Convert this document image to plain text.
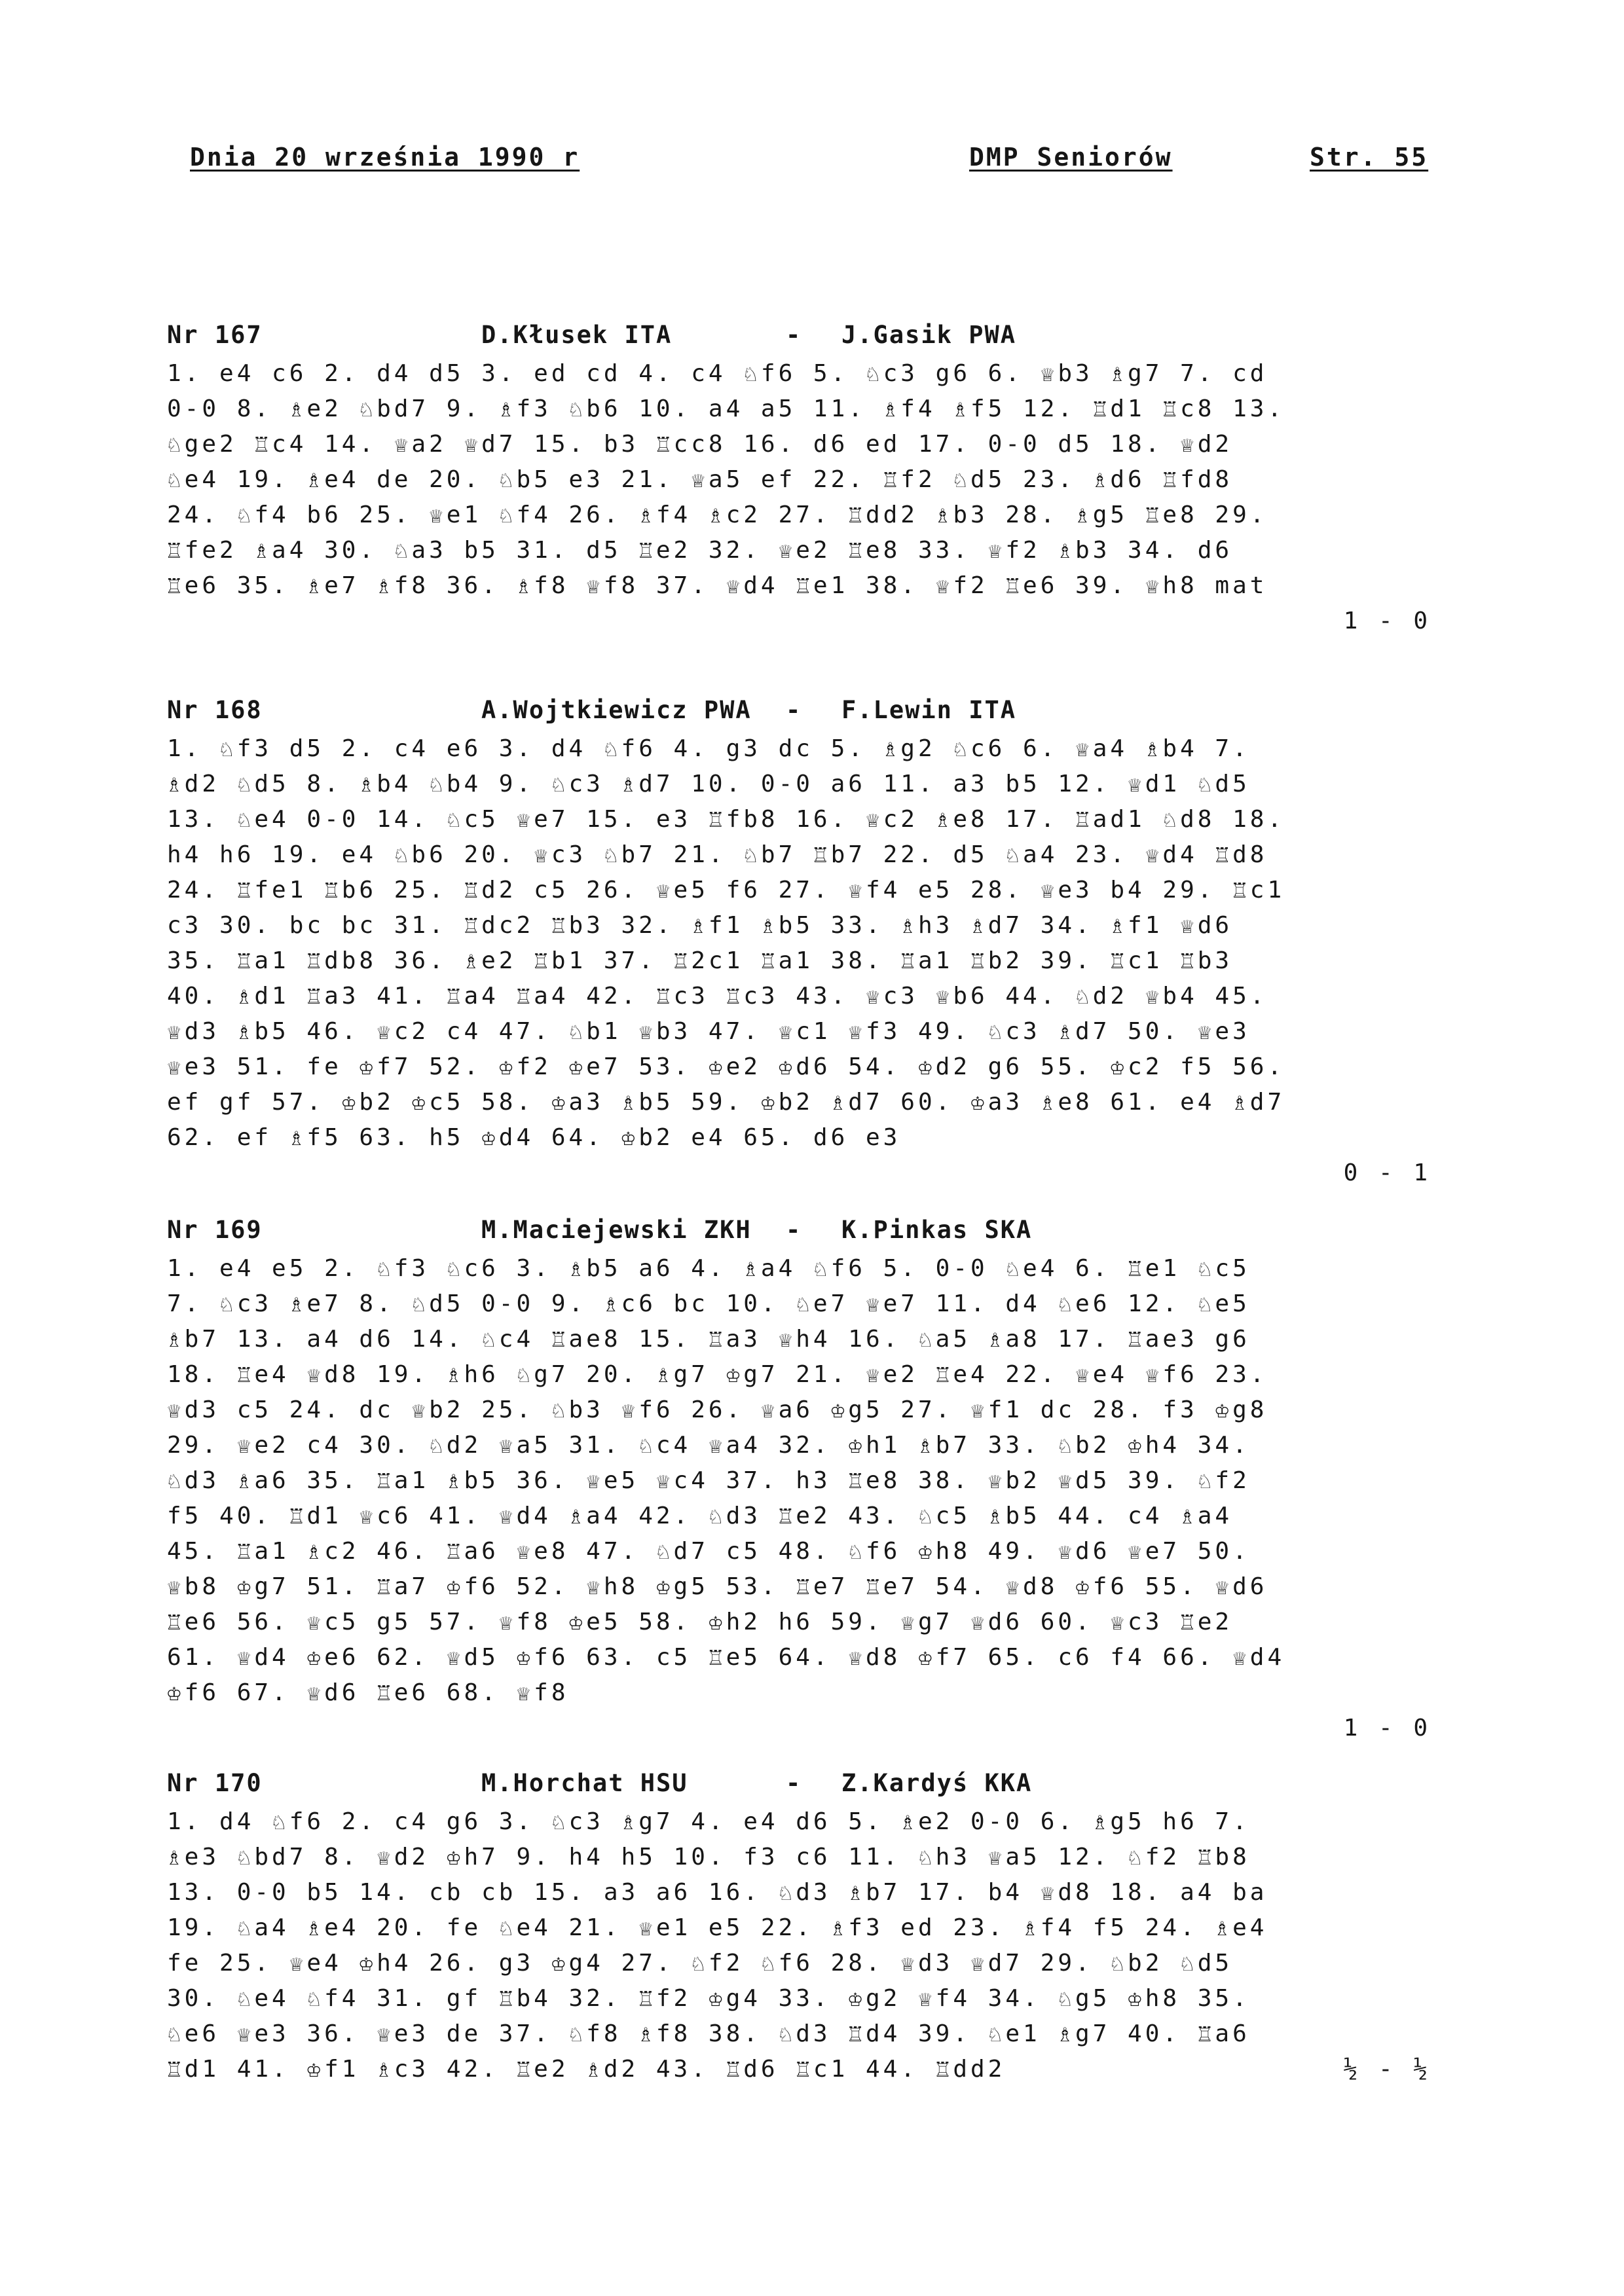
Dnia 20 września 1990 r	DMP Seniorów	Str. 55
Nr 167	D.Kłusek ITA	- J.Gasik PWA
1. e4 c6 2. d4 d5 3. ed cd 4. c4 ♘f6 5. ♘c3 g6 6. ♕b3 ♗g7 7. cd
0-0 8. ♗e2 ♘bd7 9. ♗f3 ♘b6 10. a4 a5 11. ♗f4 ♗f5 12. ♖d1 ♖c8 13.
♘ge2 ♖c4 14. ♕a2 ♕d7 15. b3 ♖cc8 16. d6 ed 17. 0-0 d5 18. ♕d2
♘e4 19. ♗e4 de 20. ♘b5 e3 21. ♕a5 ef 22. ♖f2 ♘d5 23. ♗d6 ♖fd8
24. ♘f4 b6 25. ♕e1 ♘f4 26. ♗f4 ♗c2 27. ♖dd2 ♗b3 28. ♗g5 ♖e8 29.
♖fe2 ♗a4 30. ♘a3 b5 31. d5 ♖e2 32. ♕e2 ♖e8 33. ♕f2 ♗b3 34. d6
♖e6 35. ♗e7 ♗f8 36. ♗f8 ♕f8 37. ♕d4 ♖e1 38. ♕f2 ♖e6 39. ♕h8 mat
1 - 0
Nr 168	A.Wojtkiewicz PWA - F.Lewin ITA
1. ♘f3 d5 2. c4 e6 3. d4 ♘f6 4. g3 dc 5. ♗g2 ♘c6 6. ♕a4 ♗b4 7.
♗d2 ♘d5 8. ♗b4 ♘b4 9. ♘c3 ♗d7 10. 0-0 a6 11. a3 b5 12. ♕d1 ♘d5
13. ♘e4 0-0 14. ♘c5 ♕e7 15. e3 ♖fb8 16. ♕c2 ♗e8 17. ♖ad1 ♘d8 18.
h4 h6 19. e4 ♘b6 20. ♕c3 ♘b7 21. ♘b7 ♖b7 22. d5 ♘a4 23. ♕d4 ♖d8
24. ♖fe1 ♖b6 25. ♖d2 c5 26. ♕e5 f6 27. ♕f4 e5 28. ♕e3 b4 29. ♖c1
c3 30. bc bc 31. ♖dc2 ♖b3 32. ♗f1 ♗b5 33. ♗h3 ♗d7 34. ♗f1 ♕d6
35. ♖a1 ♖db8 36. ♗e2 ♖b1 37. ♖2c1 ♖a1 38. ♖a1 ♖b2 39. ♖c1 ♖b3
40. ♗d1 ♖a3 41. ♖a4 ♖a4 42. ♖c3 ♖c3 43. ♕c3 ♕b6 44. ♘d2 ♕b4 45.
♕d3 ♗b5 46. ♕c2 c4 47. ♘b1 ♕b3 47. ♕c1 ♕f3 49. ♘c3 ♗d7 50. ♕e3
♕e3 51. fe ♔f7 52. ♔f2 ♔e7 53. ♔e2 ♔d6 54. ♔d2 g6 55. ♔c2 f5 56.
ef gf 57. ♔b2 ♔c5 58. ♔a3 ♗b5 59. ♔b2 ♗d7 60. ♔a3 ♗e8 61. e4 ♗d7
62. ef ♗f5 63. h5 ♔d4 64. ♔b2 e4 65. d6 e3
0 - 1
Nr 169	M.Maciejewski ZKH - K.Pinkas SKA
1. e4 e5 2. ♘f3 ♘c6 3. ♗b5 a6 4. ♗a4 ♘f6 5. 0-0 ♘e4 6. ♖e1 ♘c5
7. ♘c3 ♗e7 8. ♘d5 0-0 9. ♗c6 bc 10. ♘e7 ♕e7 11. d4 ♘e6 12. ♘e5
♗b7 13. a4 d6 14. ♘c4 ♖ae8 15. ♖a3 ♕h4 16. ♘a5 ♗a8 17. ♖ae3 g6
18. ♖e4 ♕d8 19. ♗h6 ♘g7 20. ♗g7 ♔g7 21. ♕e2 ♖e4 22. ♕e4 ♕f6 23.
♕d3 c5 24. dc ♕b2 25. ♘b3 ♕f6 26. ♕a6 ♔g5 27. ♕f1 dc 28. f3 ♔g8
29. ♕e2 c4 30. ♘d2 ♕a5 31. ♘c4 ♕a4 32. ♔h1 ♗b7 33. ♘b2 ♔h4 34.
♘d3 ♗a6 35. ♖a1 ♗b5 36. ♕e5 ♕c4 37. h3 ♖e8 38. ♕b2 ♕d5 39. ♘f2
f5 40. ♖d1 ♕c6 41. ♕d4 ♗a4 42. ♘d3 ♖e2 43. ♘c5 ♗b5 44. c4 ♗a4
45. ♖a1 ♗c2 46. ♖a6 ♕e8 47. ♘d7 c5 48. ♘f6 ♔h8 49. ♕d6 ♕e7 50.
♕b8 ♔g7 51. ♖a7 ♔f6 52. ♕h8 ♔g5 53. ♖e7 ♖e7 54. ♕d8 ♔f6 55. ♕d6
♖e6 56. ♕c5 g5 57. ♕f8 ♔e5 58. ♔h2 h6 59. ♕g7 ♕d6 60. ♕c3 ♖e2
61. ♕d4 ♔e6 62. ♕d5 ♔f6 63. c5 ♖e5 64. ♕d8 ♔f7 65. c6 f4 66. ♕d4
♔f6 67. ♕d6 ♖e6 68. ♕f8
1 - 0
Nr 170	M.Horchat HSU	- Z.Kardyś KKA
1. d4 ♘f6 2. c4 g6 3. ♘c3 ♗g7 4. e4 d6 5. ♗e2 0-0 6. ♗g5 h6 7.
♗e3 ♘bd7 8. ♕d2 ♔h7 9. h4 h5 10. f3 c6 11. ♘h3 ♕a5 12. ♘f2 ♖b8
13. 0-0 b5 14. cb cb 15. a3 a6 16. ♘d3 ♗b7 17. b4 ♕d8 18. a4 ba
19. ♘a4 ♗e4 20. fe ♘e4 21. ♕e1 e5 22. ♗f3 ed 23. ♗f4 f5 24. ♗e4
fe 25. ♕e4 ♔h4 26. g3 ♔g4 27. ♘f2 ♘f6 28. ♕d3 ♕d7 29. ♘b2 ♘d5
30. ♘e4 ♘f4 31. gf ♖b4 32. ♖f2 ♔g4 33. ♔g2 ♕f4 34. ♘g5 ♔h8 35.
♘e6 ♕e3 36. ♕e3 de 37. ♘f8 ♗f8 38. ♘d3 ♖d4 39. ♘e1 ♗g7 40. ♖a6
♖d1 41. ♔f1 ♗c3 42. ♖e2 ♗d2 43. ♖d6 ♖c1 44. ♖dd2	½ - ½
